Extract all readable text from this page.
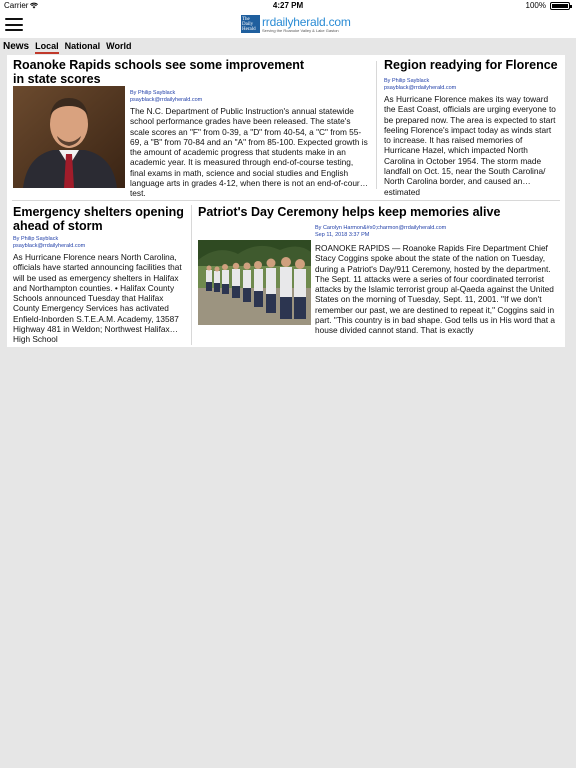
Carrier	4:27 PM	100%
The
Daily
Herald
rrdailyherald.com
Serving the Roanoke Valley & Lake Gaston
News Local National World
Roanoke Rapids schools see some improvement in state scores
By Philip Sayblack
psayblack@rrdailyherald.com
The N.C. Department of Public Instruction's annual statewide school performance grades have been released. The state's scale scores an "F" from 0-39, a "D" from 40-54, a "C" from 55-69, a "B" from 70-84 and an "A" from 85-100. Expected growth is the amount of academic progress that students make in an academic year. It is measured through end-of-course testing, final exams in math, science and social studies and English language arts in grades 4-12, when there is not an end-of-course test.
Region readying for Florence
By Philip Sayblack
psayblack@rrdailyherald.com
As Hurricane Florence makes its way toward the East Coast, officials are urging everyone to be prepared now. The area is expected to start feeling Florence's impact today as winds start to increase. It has raised memories of Hurricane Hazel, which impacted North Carolina in October 1954. The storm made landfall on Oct. 15, near the South Carolina/ North Carolina border, and caused an estimated
Emergency shelters opening ahead of storm
By Philip Sayblack
psayblack@rrdailyherald.com
As Hurricane Florence nears North Carolina, officials have started announcing facilities that will be used as emergency shelters in Halifax and Northampton counties. • Halifax County Schools announced Tuesday that Halifax County Emergency Services has activated Enfield-Inborden S.T.E.A.M. Academy, 13587 Highway 481 in Weldon; Northwest Halifax High School
Patriot's Day Ceremony helps keep memories alive
By Carolyn Harmon&#x0;charmon@rrdailyherald.com
Sep 11, 2018 3:37 PM
ROANOKE RAPIDS — Roanoke Rapids Fire Department Chief Stacy Coggins spoke about the state of the nation on Tuesday, during a Patriot's Day/911 Ceremony, hosted by the department. The Sept. 11 attacks were a series of four coordinated terrorist attacks by the Islamic terrorist group al-Qaeda against the United States on the morning of Tuesday, Sept. 11, 2001. "If we don't remember our past, we are destined to repeat it," Coggins said in part. "This country is in bad shape. God tells us in His word that a house divided cannot stand. That is exactly
